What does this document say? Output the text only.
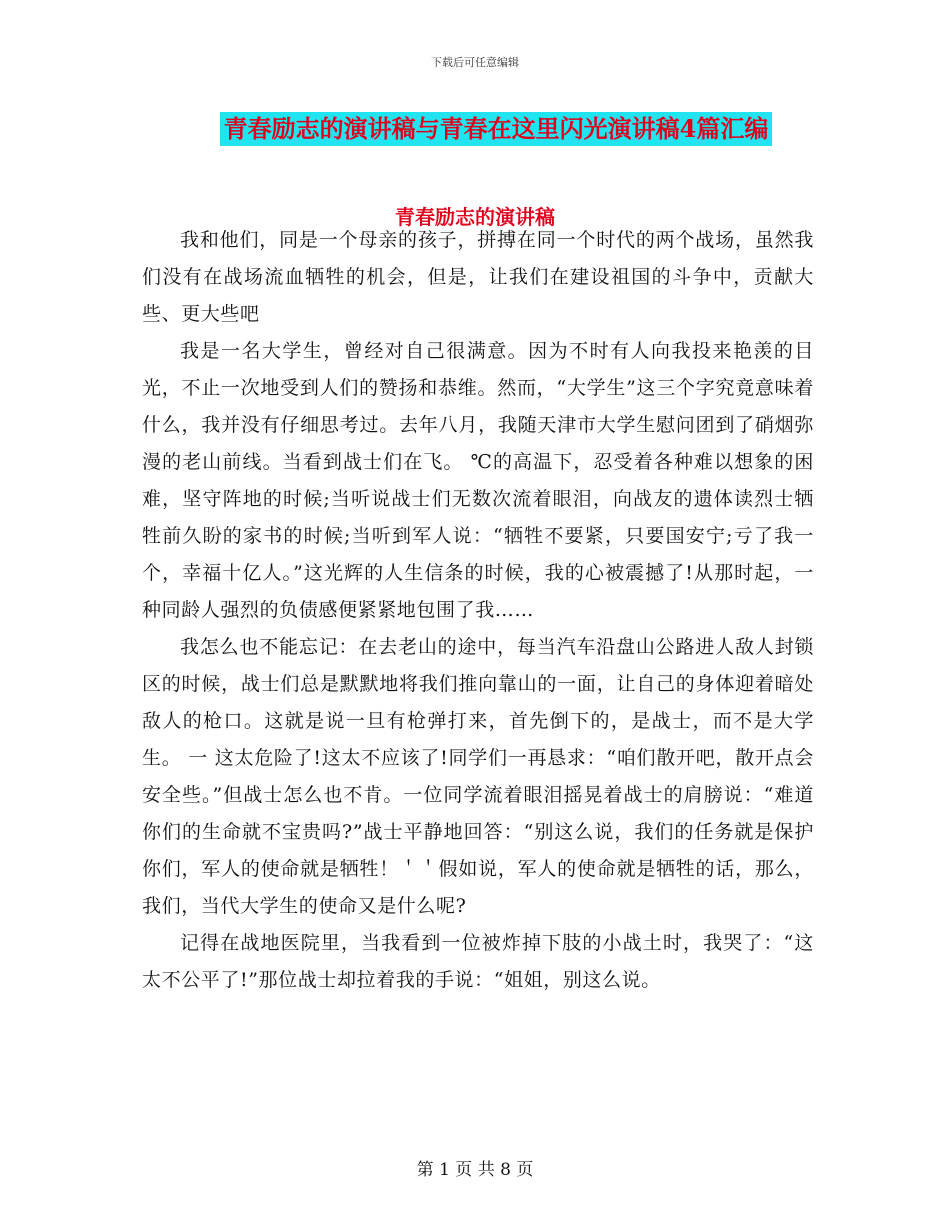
下载后可任意编辑
青春励志的演讲稿与青春在这里闪光演讲稿4篇汇编
青春励志的演讲稿

我和他们，同是一个母亲的孩子，拼搏在同一个时代的两个战场，虽然我们没有在战场流血牺牲的机会，但是，让我们在建设祖国的斗争中，贡献大些、更大些吧

我是一名大学生，曾经对自己很满意。因为不时有人向我投来艳羡的目光，不止一次地受到人们的赞扬和恭维。然而，“大学生”这三个字究竟意味着什么，我并没有仔细思考过。去年八月，我随天津市大学生慰问团到了硝烟弥漫的老山前线。当看到战士们在飞。 ℃的高温下，忍受着各种难以想象的困难，坚守阵地的时候;当听说战士们无数次流着眼泪，向战友的遗体读烈士牺牲前久盼的家书的时候;当听到军人说：“牺牲不要紧，只要国安宁;亏了我一个，幸福十亿人。”这光辉的人生信条的时候，我的心被震撼了!从那时起，一种同龄人强烈的负债感便紧紧地包围了我……

我怎么也不能忘记：在去老山的途中，每当汽车沿盘山公路进人敌人封锁区的时候，战士们总是默默地将我们推向靠山的一面，让自己的身体迎着暗处敌人的枪口。这就是说一旦有枪弹打来，首先倒下的，是战士，而不是大学生。 一 这太危险了!这太不应该了!同学们一再恳求：“咱们散开吧，散开点会安全些。”但战士怎么也不肯。一位同学流着眼泪摇晃着战士的肩膀说：“难道你们的生命就不宝贵吗?”战士平静地回答：“别这么说，我们的任务就是保护你们，军人的使命就是牺牲！＇＇假如说，军人的使命就是牺牲的话，那么，我们，当代大学生的使命又是什么呢?

记得在战地医院里，当我看到一位被炸掉下肢的小战土时，我哭了：“这太不公平了!”那位战士却拉着我的手说：“姐姐，别这么说。

第 1 页 共 8 页
